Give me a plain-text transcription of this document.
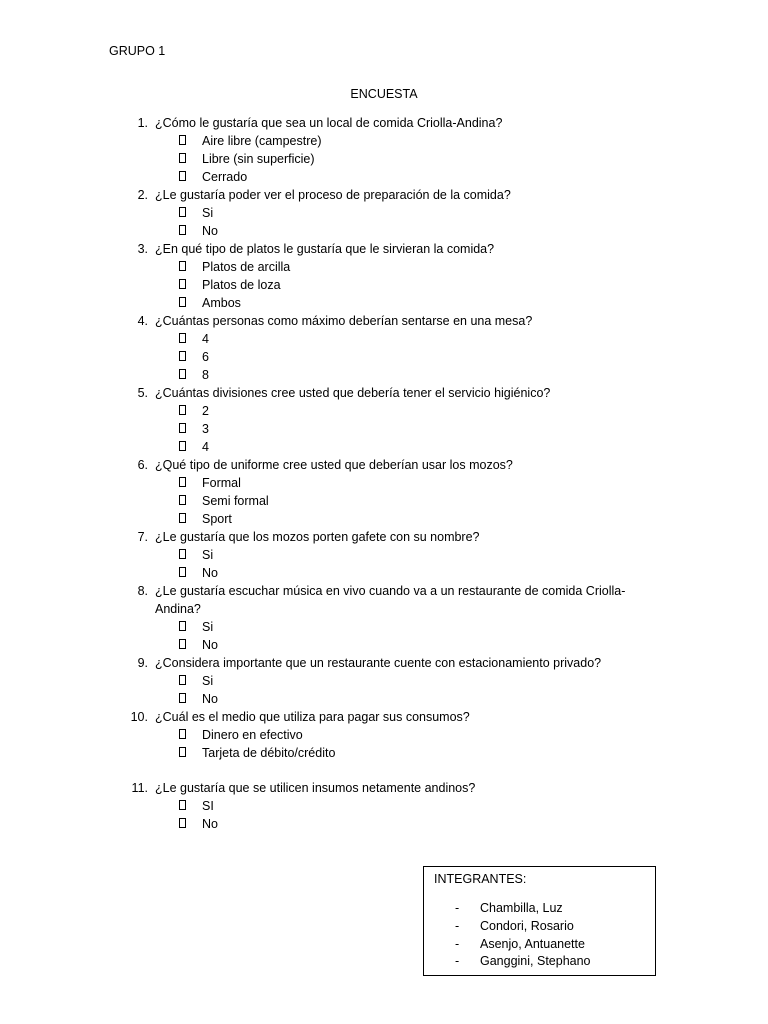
GRUPO 1
ENCUESTA
1. ¿Cómo le gustaría que sea un local de comida Criolla-Andina?
Aire libre (campestre)
Libre (sin superficie)
Cerrado
2. ¿Le gustaría poder ver el proceso de preparación de la comida?
Si
No
3. ¿En qué tipo de platos le gustaría que le sirvieran la comida?
Platos de arcilla
Platos de loza
Ambos
4. ¿Cuántas personas como máximo deberían sentarse en una mesa?
4
6
8
5. ¿Cuántas divisiones cree usted que debería tener el servicio higiénico?
2
3
4
6. ¿Qué tipo de uniforme cree usted que deberían usar los mozos?
Formal
Semi formal
Sport
7. ¿Le gustaría que los mozos porten gafete con su nombre?
Si
No
8. ¿Le gustaría escuchar música en vivo cuando va a un restaurante de comida Criolla-Andina?
Si
No
9. ¿Considera importante que un restaurante cuente con estacionamiento privado?
Si
No
10. ¿Cuál es el medio que utiliza para pagar sus consumos?
Dinero en efectivo
Tarjeta de débito/crédito
11. ¿Le gustaría que se utilicen insumos netamente andinos?
SI
No
INTEGRANTES:
- Chambilla, Luz
- Condori, Rosario
- Asenjo, Antuanette
- Ganggini, Stephano
